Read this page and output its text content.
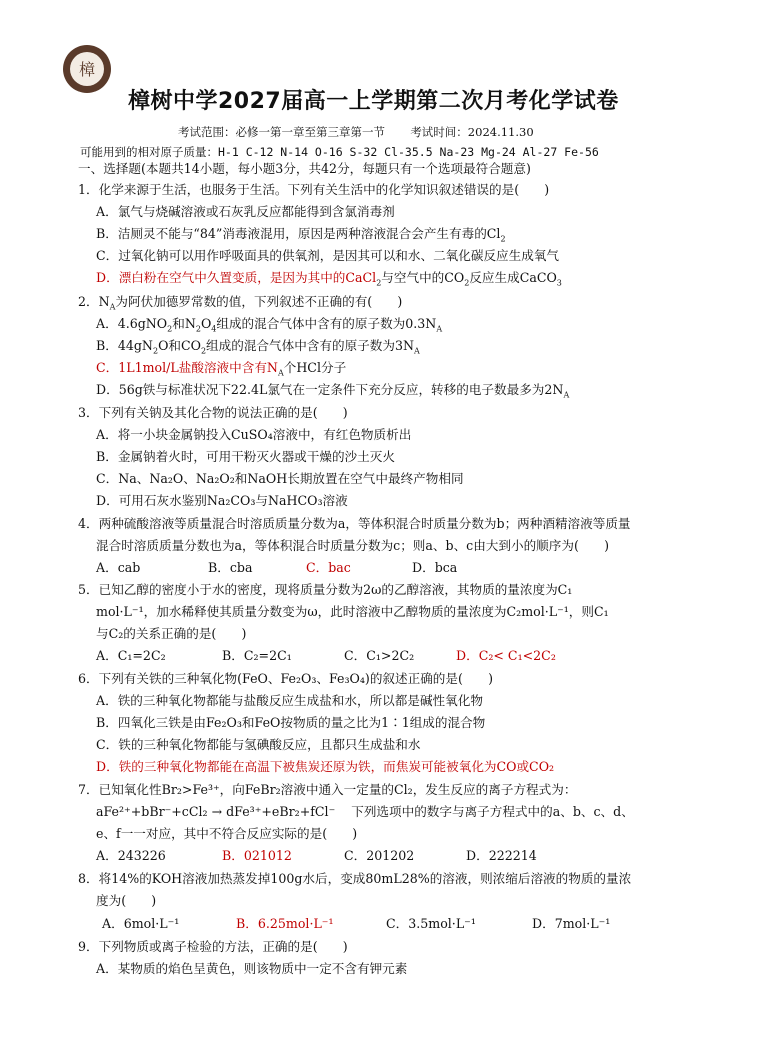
樟
樟树中学2027届高一上学期第二次月考化学试卷
考试范围：必修一第一章至第三章第一节 考试时间：2024.11.30
可能用到的相对原子质量：H-1 C-12 N-14 O-16 S-32 Cl-35.5 Na-23 Mg-24 Al-27 Fe-56
一、选择题(本题共14小题，每小题3分，共42分，每题只有一个选项最符合题意)
1．化学来源于生活，也服务于生活。下列有关生活中的化学知识叙述错误的是(　　)
A．氯气与烧碱溶液或石灰乳反应都能得到含氯消毒剂
B．洁厕灵不能与“84”消毒液混用，原因是两种溶液混合会产生有毒的$Cl_2$
C．过氧化钠可以用作呼吸面具的供氧剂，是因其可以和水、二氧化碳反应生成氧气
D．漂白粉在空气中久置变质，是因为其中的CaCl$_2$与空气中的$CO_2$反应生成CaCO$_3$
2．$N_A$为阿伏加德罗常数的值，下列叙述不正确的有(　　)
A．4.6gNO$_2$和$N_2O_4$组成的混合气体中含有的原子数为$0.3N_A$
B．$44gN_2O$和$CO_2$组成的混合气体中含有的原子数为$3N_A$
C．1L1mol/L盐酸溶液中含有$N_A$个HCl分子
D．56g铁与标准状况下22.4L氯气在一定条件下充分反应，转移的电子数最多为$2N_A$
3．下列有关钠及其化合物的说法正确的是(　　)
A．将一小块金属钠投入CuSO₄溶液中，有红色物质析出
B．金属钠着火时，可用干粉灭火器或干燥的沙土灭火
C．Na、Na₂O、Na₂O₂和NaOH长期放置在空气中最终产物相同
D．可用石灰水鉴别Na₂CO₃与NaHCO₃溶液
4．两种硫酸溶液等质量混合时溶质质量分数为a，等体积混合时质量分数为b；两种酒精溶液等质量
混合时溶质质量分数也为a，等体积混合时质量分数为c；则a、b、c由大到小的顺序为(　　)
A．cab	B．cba	C．bac	D．bca
5．已知乙醇的密度小于水的密度，现将质量分数为2ω的乙醇溶液，其物质的量浓度为C₁
mol·L⁻¹，加水稀释使其质量分数变为ω，此时溶液中乙醇物质的量浓度为C₂mol·L⁻¹，则C₁
与C₂的关系正确的是(　　)
A．C₁=2C₂	B．C₂=2C₁	C．C₁>2C₂	D．C₂< C₁<2C₂
6．下列有关铁的三种氧化物(FeO、Fe₂O₃、Fe₃O₄)的叙述正确的是(　　)
A．铁的三种氧化物都能与盐酸反应生成盐和水，所以都是碱性氧化物
B．四氧化三铁是由Fe₂O₃和FeO按物质的量之比为1∶1组成的混合物
C．铁的三种氧化物都能与氢碘酸反应，且都只生成盐和水
D．铁的三种氧化物都能在高温下被焦炭还原为铁，而焦炭可能被氧化为CO或CO₂
7．已知氧化性Br₂>Fe³⁺，向FeBr₂溶液中通入一定量的Cl₂，发生反应的离子方程式为：
aFe²⁺+bBr⁻+cCl₂ → dFe³⁺+eBr₂+fCl⁻ 下列选项中的数字与离子方程式中的a、b、c、d、
e、f一一对应，其中不符合反应实际的是(　　)
A．243226	B．021012	C．201202	D．222214
8．将14%的KOH溶液加热蒸发掉100g水后，变成80mL28%的溶液，则浓缩后溶液的物质的量浓
度为(　　)
A．6mol·L⁻¹	B．6.25mol·L⁻¹	C．3.5mol·L⁻¹	D．7mol·L⁻¹
9．下列物质或离子检验的方法，正确的是(　　)
A．某物质的焰色呈黄色，则该物质中一定不含有钾元素
